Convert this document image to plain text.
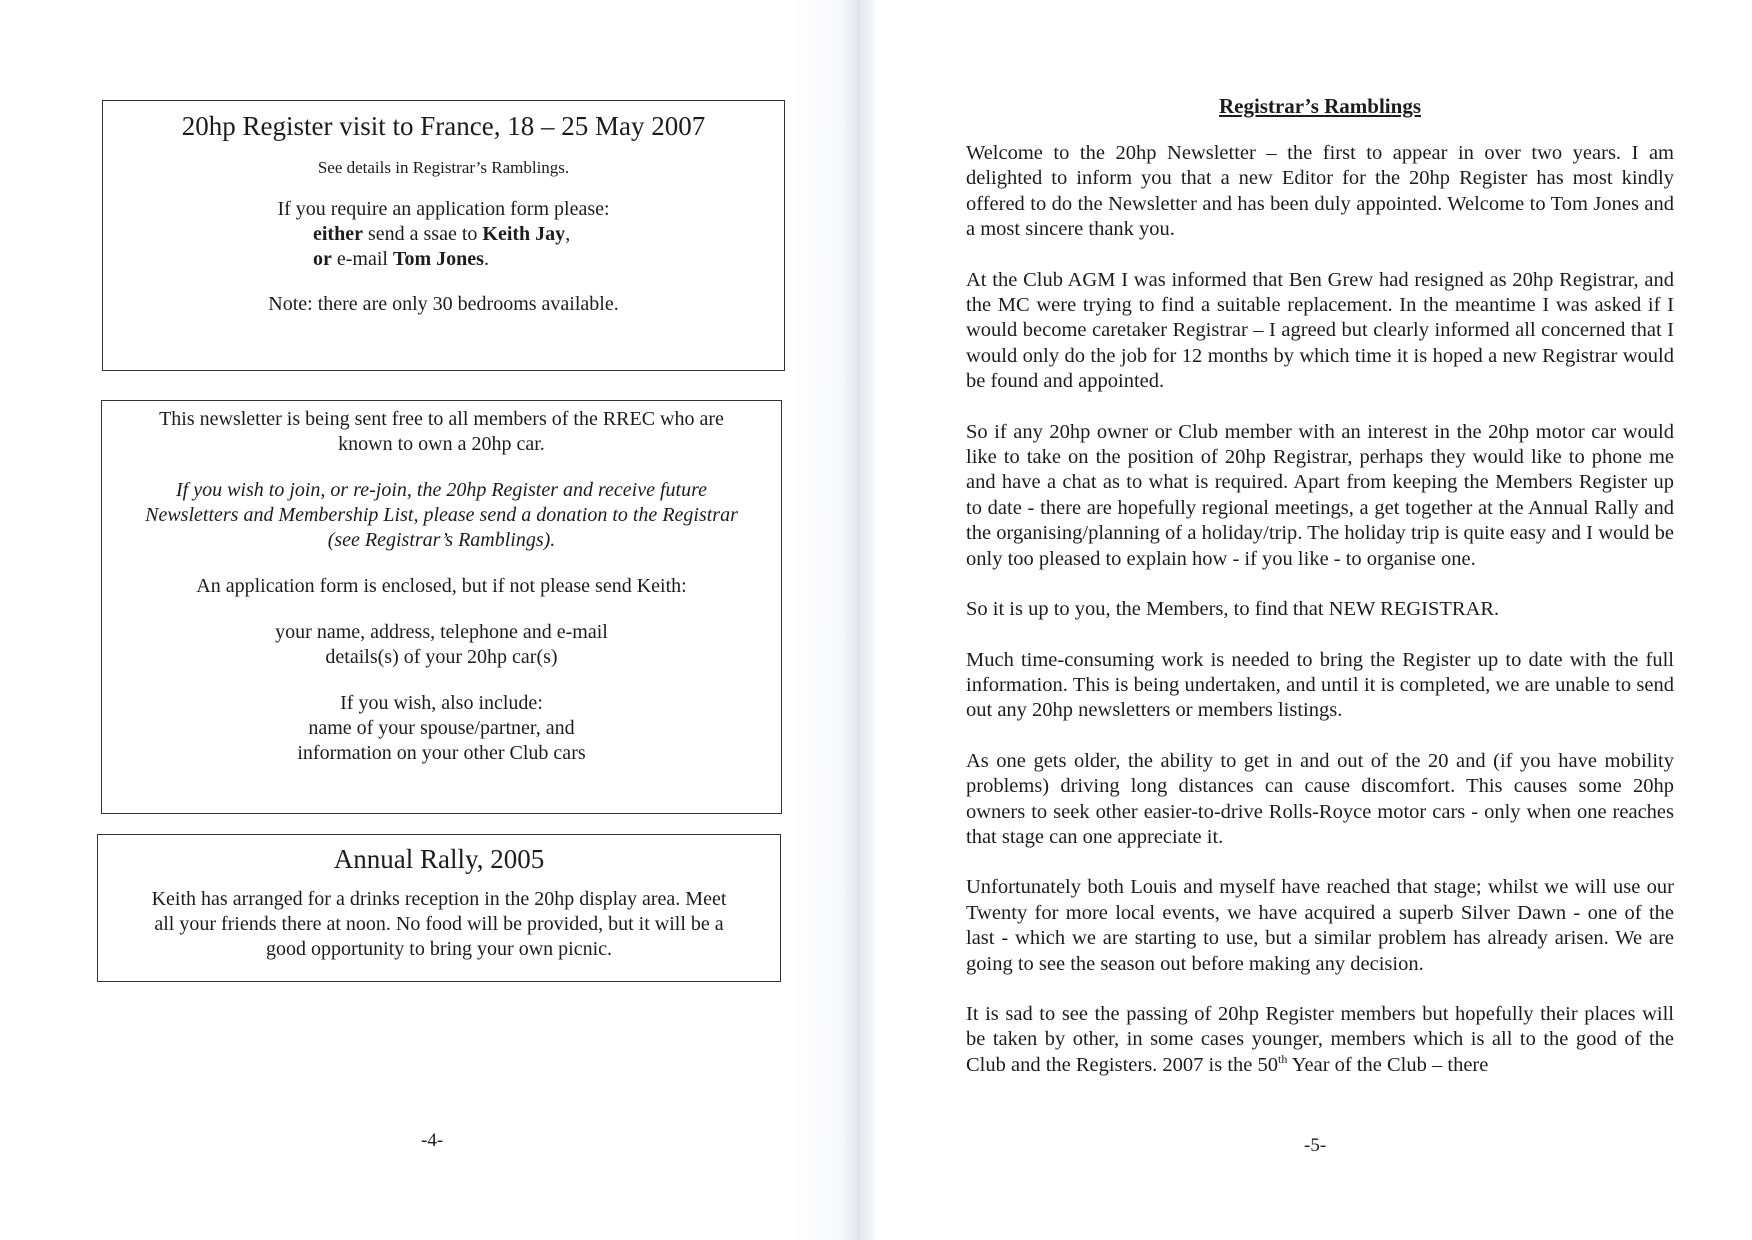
20hp Register visit to France, 18 – 25 May 2007
See details in Registrar’s Ramblings.
If you require an application form please:
either send a ssae to Keith Jay,
or e-mail Tom Jones.
Note: there are only 30 bedrooms available.
This newsletter is being sent free to all members of the RREC who are
known to own a 20hp car.
If you wish to join, or re-join, the 20hp Register and receive future
Newsletters and Membership List, please send a donation to the Registrar
(see Registrar’s Ramblings).
An application form is enclosed, but if not please send Keith:
your name, address, telephone and e-mail
details(s) of your 20hp car(s)
If you wish, also include:
name of your spouse/partner, and
information on your other Club cars
Annual Rally, 2005
Keith has arranged for a drinks reception in the 20hp display area. Meet
all your friends there at noon. No food will be provided, but it will be a
good opportunity to bring your own picnic.
-4-
Registrar’s Ramblings

Welcome to the 20hp Newsletter – the first to appear in over two years. I am delighted to inform you that a new Editor for the 20hp Register has most kindly offered to do the Newsletter and has been duly appointed. Welcome to Tom Jones and a most sincere thank you.

At the Club AGM I was informed that Ben Grew had resigned as 20hp Registrar, and the MC were trying to find a suitable replacement. In the meantime I was asked if I would become caretaker Registrar – I agreed but clearly informed all concerned that I would only do the job for 12 months by which time it is hoped a new Registrar would be found and appointed.

So if any 20hp owner or Club member with an interest in the 20hp motor car would like to take on the position of 20hp Registrar, perhaps they would like to phone me and have a chat as to what is required. Apart from keeping the Members Register up to date - there are hopefully regional meetings, a get together at the Annual Rally and the organising/planning of a holiday/trip. The holiday trip is quite easy and I would be only too pleased to explain how - if you like - to organise one.

So it is up to you, the Members, to find that NEW REGISTRAR.

Much time-consuming work is needed to bring the Register up to date with the full information. This is being undertaken, and until it is completed, we are unable to send out any 20hp newsletters or members listings.

As one gets older, the ability to get in and out of the 20 and (if you have mobility problems) driving long distances can cause discomfort. This causes some 20hp owners to seek other easier-to-drive Rolls-Royce motor cars - only when one reaches that stage can one appreciate it.

Unfortunately both Louis and myself have reached that stage; whilst we will use our Twenty for more local events, we have acquired a superb Silver Dawn - one of the last - which we are starting to use, but a similar problem has already arisen. We are going to see the season out before making any decision.

It is sad to see the passing of 20hp Register members but hopefully their places will be taken by other, in some cases younger, members which is all to the good of the Club and the Registers. 2007 is the 50th Year of the Club – there

-5-
